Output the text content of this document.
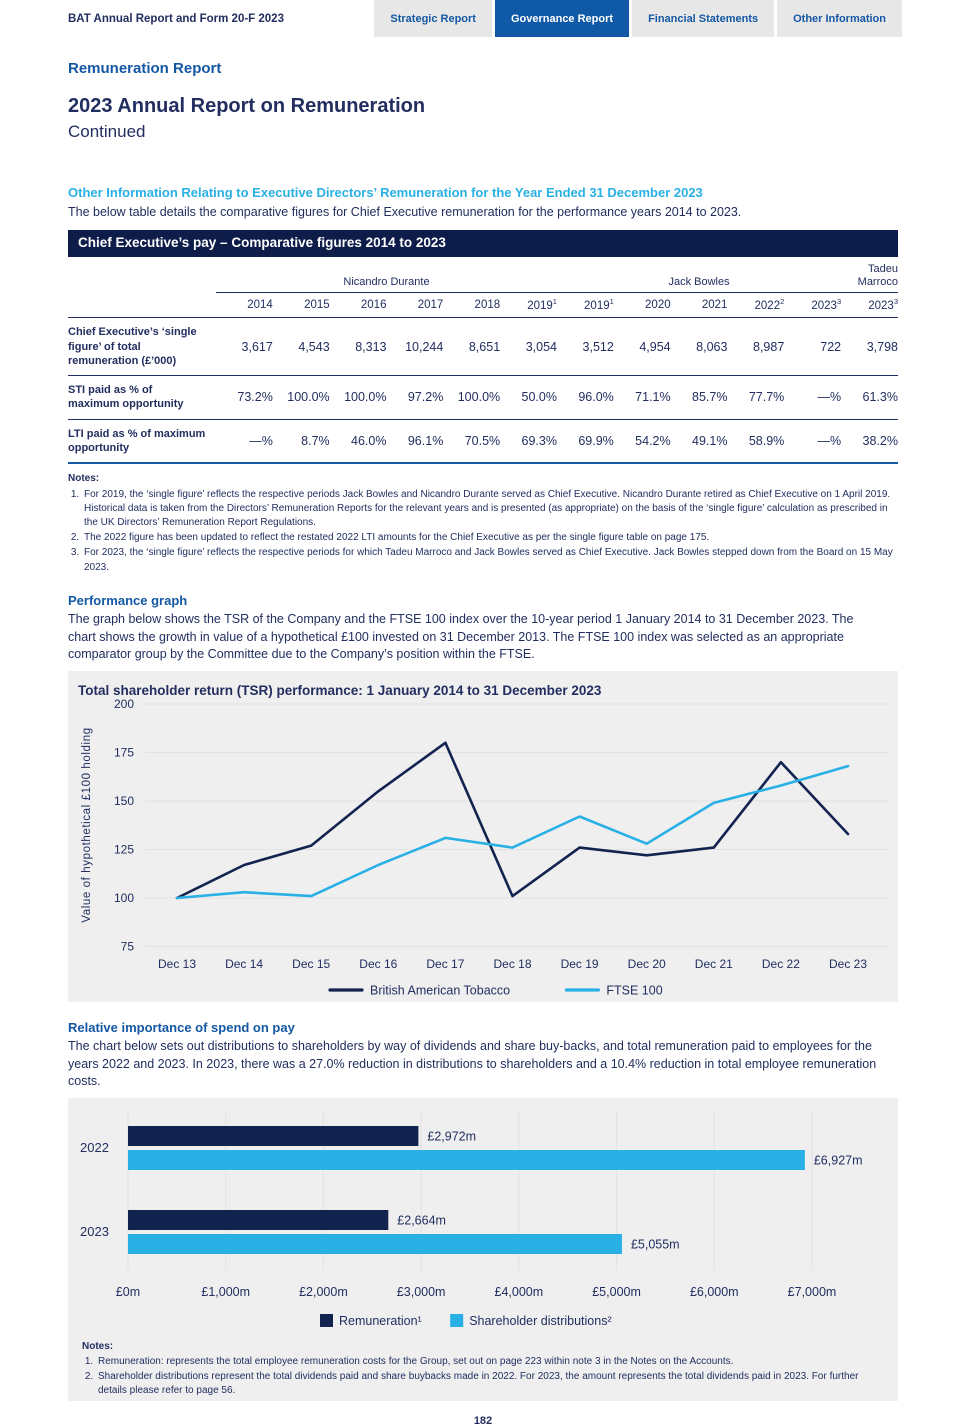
BAT Annual Report and Form 20-F 2023	Strategic Report	Governance Report	Financial Statements	Other Information
Remuneration Report
2023 Annual Report on Remuneration
Continued
Other Information Relating to Executive Directors’ Remuneration for the Year Ended 31 December 2023
The below table details the comparative figures for Chief Executive remuneration for the performance years 2014 to 2023.
Chief Executive’s pay – Comparative figures 2014 to 2023
	Nicandro Durante						Jack Bowles					Tadeu Marroco
	2014	2015	2016	2017	2018	2019$^1$	2019$^1$	2020	2021	2022$^2$	2023$^3$	2023$^3$
Chief Executive’s ‘single figure’ of total remuneration (£’000)	3,617	4,543	8,313	10,244	8,651	3,054	3,512	4,954	8,063	8,987	722	3,798
STI paid as % of maximum opportunity	73.2%	100.0%	100.0%	97.2%	100.0%	50.0%	96.0%	71.1%	85.7%	77.7%	—%	61.3%
LTI paid as % of maximum opportunity	—%	8.7%	46.0%	96.1%	70.5%	69.3%	69.9%	54.2%	49.1%	58.9%	—%	38.2%
Notes:
1. For 2019, the ‘single figure’ reflects the respective periods Jack Bowles and Nicandro Durante served as Chief Executive. Nicandro Durante retired as Chief Executive on 1 April 2019. Historical data is taken from the Directors’ Remuneration Reports for the relevant years and is presented (as appropriate) on the basis of the ‘single figure’ calculation as prescribed in the UK Directors’ Remuneration Report Regulations.
2. The 2022 figure has been updated to reflect the restated 2022 LTI amounts for the Chief Executive as per the single figure table on page 175.
3. For 2023, the ‘single figure’ reflects the respective periods for which Tadeu Marroco and Jack Bowles served as Chief Executive. Jack Bowles stepped down from the Board on 15 May 2023.
Performance graph
The graph below shows the TSR of the Company and the FTSE 100 index over the 10-year period 1 January 2014 to 31 December 2023. The chart shows the growth in value of a hypothetical £100 invested on 31 December 2013. The FTSE 100 index was selected as an appropriate comparator group by the Committee due to the Company’s position within the FTSE.
Total shareholder return (TSR) performance: 1 January 2014 to 31 December 2023
200
175
150
125
100
75
Dec 13 Dec 14 Dec 15 Dec 16 Dec 17 Dec 18 Dec 19 Dec 20 Dec 21 Dec 22 Dec 23
Value of hypothetical £100 holding
British American Tobacco	FTSE 100
Relative importance of spend on pay
The chart below sets out distributions to shareholders by way of dividends and share buy-backs, and total remuneration paid to employees for the years 2022 and 2023. In 2023, there was a 27.0% reduction in distributions to shareholders and a 10.4% reduction in total employee remuneration costs.
£0m	£1,000m	£2,000m	£3,000m	£4,000m	£5,000m	£6,000m	£7,000m
2022
£2,972m
£6,927m
2023
£2,664m
£5,055m
Remuneration¹	Shareholder distributions²
Notes:
1. Remuneration: represents the total employee remuneration costs for the Group, set out on page 223 within note 3 in the Notes on the Accounts.
2. Shareholder distributions represent the total dividends paid and share buybacks made in 2022. For 2023, the amount represents the total dividends paid in 2023. For further details please refer to page 56.
182
